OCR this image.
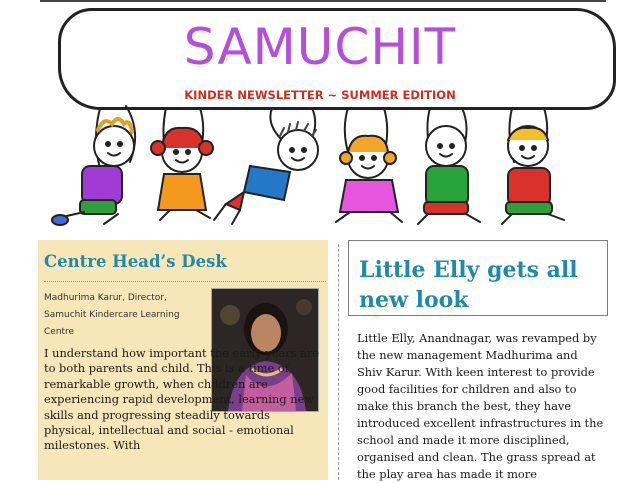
SAMUCHIT
KINDER NEWSLETTER ~ SUMMER EDITION
Centre Head’s Desk
Madhurima Karur, Director,
Samuchit Kindercare Learning
Centre

I understand how important the early years are to both parents and child. This is a time of remarkable growth, when children are experiencing rapid development, learning new skills and progressing steadily towards physical, intellectual and social - emotional milestones. With

Little Elly gets all new look

Little Elly, Anandnagar, was revamped by the new management Madhurima and Shiv Karur. With keen interest to provide good facilities for children and also to make this branch the best, they have introduced excellent infrastructures in the school and made it more disciplined, organised and clean. The grass spread at the play area has made it more
